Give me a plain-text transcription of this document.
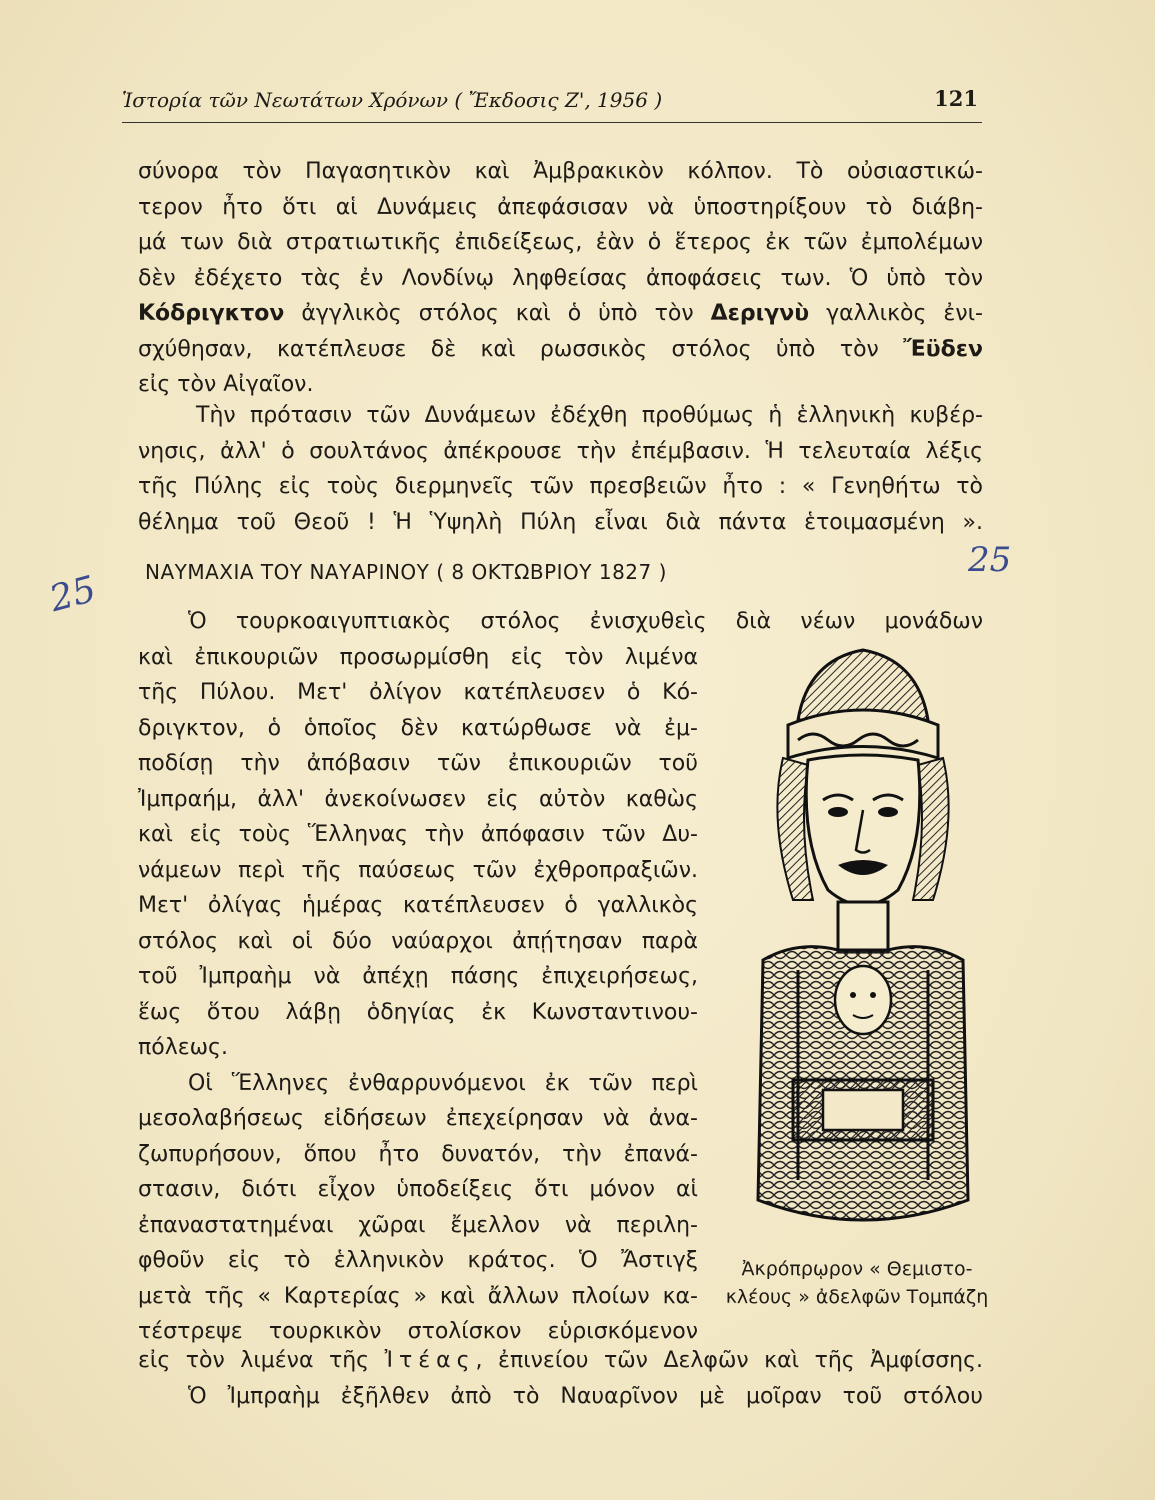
Ἱστορία τῶν Νεωτάτων Χρόνων ( Ἔκδοσις Ζ', 1956 )	121
σύνορα τὸν Παγασητικὸν καὶ Ἀμβρακικὸν κόλπον. Τὸ οὐσιαστικώ-
τερον ἦτο ὅτι αἱ Δυνάμεις ἀπεφάσισαν νὰ ὑποστηρίξουν τὸ διάβη-
μά των διὰ στρατιωτικῆς ἐπιδείξεως, ἐὰν ὁ ἕτερος ἐκ τῶν ἐμπολέμων
δὲν ἐδέχετο τὰς ἐν Λονδίνῳ ληφθείσας ἀποφάσεις των. Ὁ ὑπὸ τὸν
Κόδριγκτον ἀγγλικὸς στόλος καὶ ὁ ὑπὸ τὸν Δεριγνὺ γαλλικὸς ἐνι-
σχύθησαν, κατέπλευσε δὲ καὶ ρωσσικὸς στόλος ὑπὸ τὸν Ἔϋδεν
εἰς τὸν Αἰγαῖον.
Τὴν πρότασιν τῶν Δυνάμεων ἐδέχθη προθύμως ἡ ἑλληνικὴ κυβέρ-
νησις, ἀλλ' ὁ σουλτάνος ἀπέκρουσε τὴν ἐπέμβασιν. Ἡ τελευταία λέξις
τῆς Πύλης εἰς τοὺς διερμηνεῖς τῶν πρεσβειῶν ἦτο : « Γενηθήτω τὸ
θέλημα τοῦ Θεοῦ ! Ἡ Ὑψηλὴ Πύλη εἶναι διὰ πάντα ἑτοιμασμένη ».
ΝΑΥΜΑΧΙΑ ΤΟΥ ΝΑΥΑΡΙΝΟΥ ( 8 ΟΚΤΩΒΡΙΟΥ 1827 )
Ὁ τουρκοαιγυπτιακὸς στόλος ἐνισχυθεὶς διὰ νέων μονάδων
καὶ ἐπικουριῶν προσωρμίσθη εἰς τὸν λιμένα
τῆς Πύλου. Μετ' ὀλίγον κατέπλευσεν ὁ Κό-
δριγκτον, ὁ ὁποῖος δὲν κατώρθωσε νὰ ἐμ-
ποδίσῃ τὴν ἀπόβασιν τῶν ἐπικουριῶν τοῦ
Ἰμπραήμ, ἀλλ' ἀνεκοίνωσεν εἰς αὐτὸν καθὼς
καὶ εἰς τοὺς Ἕλληνας τὴν ἀπόφασιν τῶν Δυ-
νάμεων περὶ τῆς παύσεως τῶν ἐχθροπραξιῶν.
Μετ' ὀλίγας ἡμέρας κατέπλευσεν ὁ γαλλικὸς
στόλος καὶ οἱ δύο ναύαρχοι ἀπῄτησαν παρὰ
τοῦ Ἰμπραὴμ νὰ ἀπέχῃ πάσης ἐπιχειρήσεως,
ἕως ὅτου λάβῃ ὁδηγίας ἐκ Κωνσταντινου-
πόλεως.
Οἱ Ἕλληνες ἐνθαρρυνόμενοι ἐκ τῶν περὶ
μεσολαβήσεως εἰδήσεων ἐπεχείρησαν νὰ ἀνα-
ζωπυρήσουν, ὅπου ἦτο δυνατόν, τὴν ἐπανά-
στασιν, διότι εἶχον ὑποδείξεις ὅτι μόνον αἱ
ἐπαναστατημέναι χῶραι ἔμελλον νὰ περιλη-
φθοῦν εἰς τὸ ἑλληνικὸν κράτος. Ὁ Ἄστιγξ
μετὰ τῆς « Καρτερίας » καὶ ἄλλων πλοίων κα-
τέστρεψε τουρκικὸν στολίσκον εὑρισκόμενον
εἰς τὸν λιμένα τῆς Ἰτέας, ἐπινείου τῶν Δελφῶν καὶ τῆς Ἀμφίσσης.
Ὁ Ἰμπραὴμ ἐξῆλθεν ἀπὸ τὸ Ναυαρῖνον μὲ μοῖραν τοῦ στόλου
Ἀκρόπρῳρον « Θεμιστο-
κλέους » ἀδελφῶν Τομπάζη
25
25
